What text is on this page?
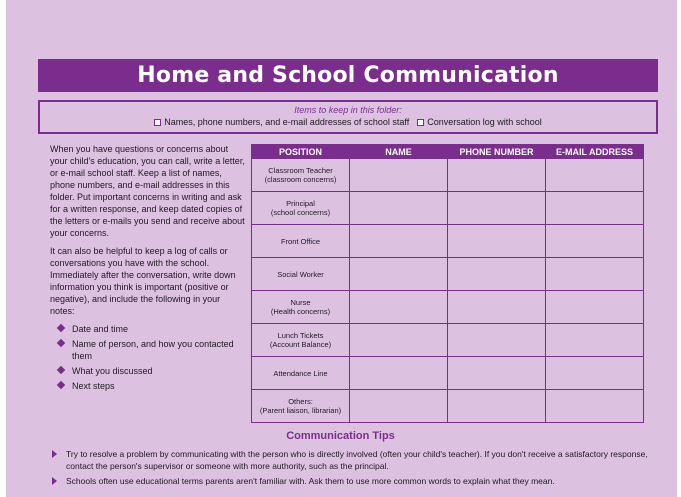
Home and School Communication
Items to keep in this folder:
Names, phone numbers, and e-mail addresses of school staff	Conversation log with school

When you have questions or concerns about your child's education, you can call, write a letter, or e-mail school staff. Keep a list of names, phone numbers, and e-mail addresses in this folder. Put important concerns in writing and ask for a written response, and keep dated copies of the letters or e-mails you send and receive about your concerns.

It can also be helpful to keep a log of calls or conversations you have with the school. Immediately after the conversation, write down information you think is important (positive or negative), and include the following in your notes:

Date and time
Name of person, and how you contacted them
What you discussed
Next steps
POSITION	NAME	PHONE NUMBER	E-MAIL ADDRESS

Classroom Teacher
(classroom concerns)			

Principal
(school concerns)			

Front Office			

Social Worker			

Nurse
(Health concerns)			

Lunch Tickets
(Account Balance)			

Attendance Line			

Others:
(Parent liaison, librarian)			

Communication Tips
Try to resolve a problem by communicating with the person who is directly involved (often your child's teacher). If you don't receive a satisfactory response, contact the person's supervisor or someone with more authority, such as the principal.
Schools often use educational terms parents aren't familiar with. Ask them to use more common words to explain what they mean.
